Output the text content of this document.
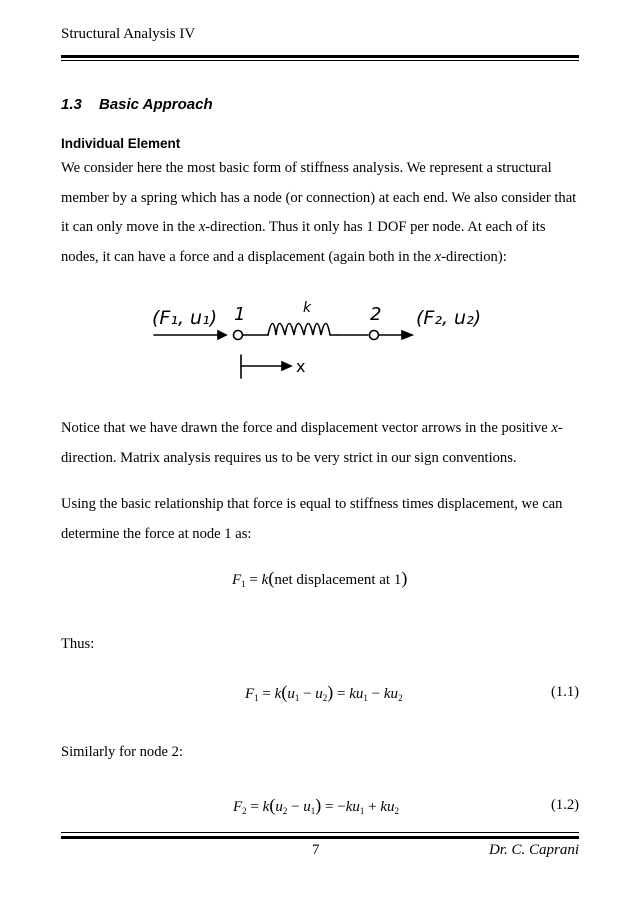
Structural Analysis IV
1.3 Basic Approach
Individual Element

We consider here the most basic form of stiffness analysis. We represent a structural member by a spring which has a node (or connection) at each end. We also consider that it can only move in the x-direction. Thus it only has 1 DOF per node. At each of its nodes, it can have a force and a displacement (again both in the x-direction):

(F₁, u₁) 1	k	2 (F₂, u₂)
x

Notice that we have drawn the force and displacement vector arrows in the positive x-direction. Matrix analysis requires us to be very strict in our sign conventions.

Using the basic relationship that force is equal to stiffness times displacement, we can determine the force at node 1 as:

$F_1 = k(net$ displacement at 1)

Thus:

$F_1 = k(u_1 - u_2) = ku_1 - ku_2$	(1.1)

Similarly for node 2:

$F_2 = k(u_2 - u_1) = -ku_1 + ku_2$	(1.2)
7	Dr. C. Caprani
